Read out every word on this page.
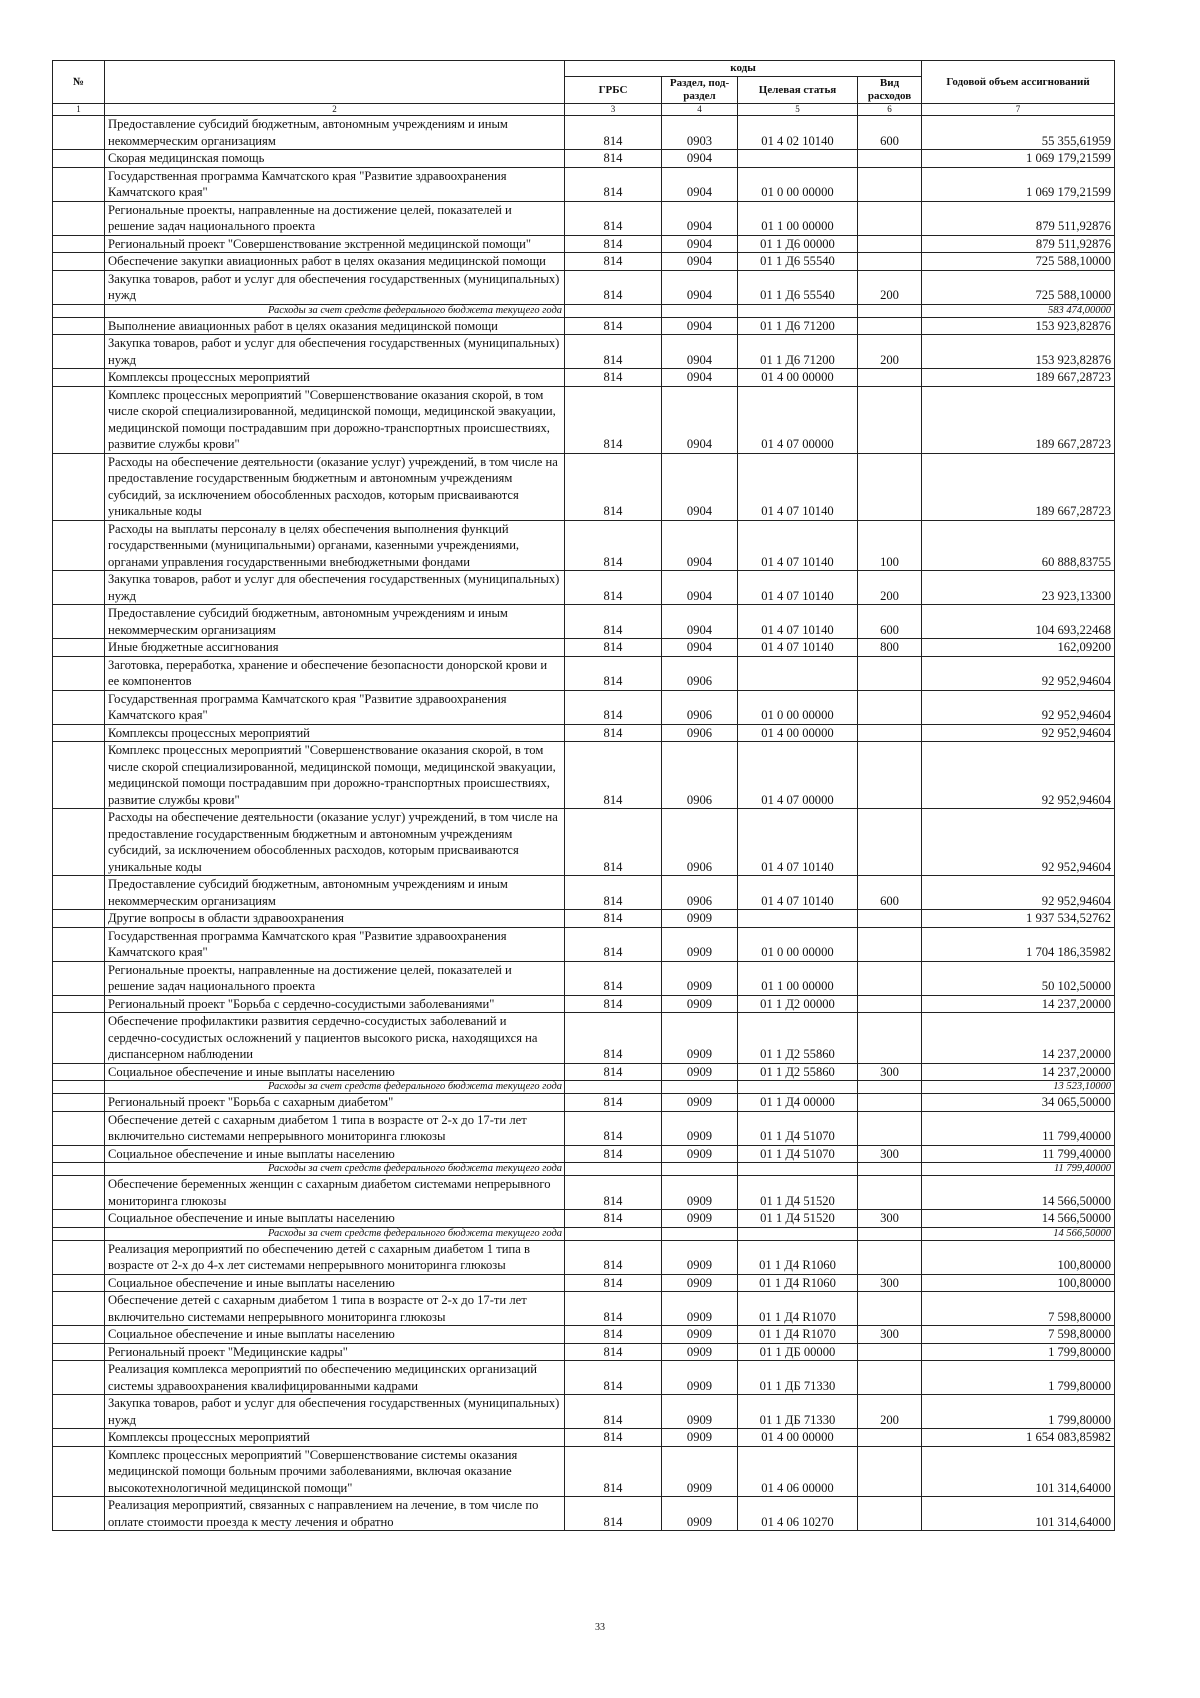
№		коды				Годовой объем ассигнований
		ГРБС	Раздел, под-раздел	Целевая статья	Вид расходов	
1	2	3	4	5	6	7
	Предоставление субсидий бюджетным, автономным учреждениям и иным некоммерческим организациям	814	0903	01 4 02 10140	600	55 355,61959
	Скорая медицинская помощь	814	0904			1 069 179,21599
	Государственная программа Камчатского края "Развитие здравоохранения Камчатского края"	814	0904	01 0 00 00000		1 069 179,21599
	Региональные проекты, направленные на достижение целей, показателей и решение задач национального проекта	814	0904	01 1 00 00000		879 511,92876
	Региональный проект "Совершенствование экстренной медицинской помощи"	814	0904	01 1 Д6 00000		879 511,92876
	Обеспечение закупки авиационных работ в целях оказания медицинской помощи	814	0904	01 1 Д6 55540		725 588,10000
	Закупка товаров, работ и услуг для обеспечения государственных (муниципальных) нужд	814	0904	01 1 Д6 55540	200	725 588,10000
	Расходы за счет средств федерального бюджета текущего года					583 474,00000
	Выполнение авиационных работ в целях оказания медицинской помощи	814	0904	01 1 Д6 71200		153 923,82876
	Закупка товаров, работ и услуг для обеспечения государственных (муниципальных) нужд	814	0904	01 1 Д6 71200	200	153 923,82876
	Комплексы процессных мероприятий	814	0904	01 4 00 00000		189 667,28723
	Комплекс процессных мероприятий "Совершенствование оказания скорой, в том числе скорой специализированной, медицинской помощи, медицинской эвакуации, медицинской помощи пострадавшим при дорожно-транспортных происшествиях, развитие службы крови"	814	0904	01 4 07 00000		189 667,28723
	Расходы на обеспечение деятельности (оказание услуг) учреждений, в том числе на предоставление государственным бюджетным и автономным учреждениям субсидий, за исключением обособленных расходов, которым присваиваются уникальные коды	814	0904	01 4 07 10140		189 667,28723
	Расходы на выплаты персоналу в целях обеспечения выполнения функций государственными (муниципальными) органами, казенными учреждениями, органами управления государственными внебюджетными фондами	814	0904	01 4 07 10140	100	60 888,83755
	Закупка товаров, работ и услуг для обеспечения государственных (муниципальных) нужд	814	0904	01 4 07 10140	200	23 923,13300
	Предоставление субсидий бюджетным, автономным учреждениям и иным некоммерческим организациям	814	0904	01 4 07 10140	600	104 693,22468
	Иные бюджетные ассигнования	814	0904	01 4 07 10140	800	162,09200
	Заготовка, переработка, хранение и обеспечение безопасности донорской крови и ее компонентов	814	0906			92 952,94604
	Государственная программа Камчатского края "Развитие здравоохранения Камчатского края"	814	0906	01 0 00 00000		92 952,94604
	Комплексы процессных мероприятий	814	0906	01 4 00 00000		92 952,94604
	Комплекс процессных мероприятий "Совершенствование оказания скорой, в том числе скорой специализированной, медицинской помощи, медицинской эвакуации, медицинской помощи пострадавшим при дорожно-транспортных происшествиях, развитие службы крови"	814	0906	01 4 07 00000		92 952,94604
	Расходы на обеспечение деятельности (оказание услуг) учреждений, в том числе на предоставление государственным бюджетным и автономным учреждениям субсидий, за исключением обособленных расходов, которым присваиваются уникальные коды	814	0906	01 4 07 10140		92 952,94604
	Предоставление субсидий бюджетным, автономным учреждениям и иным некоммерческим организациям	814	0906	01 4 07 10140	600	92 952,94604
	Другие вопросы в области здравоохранения	814	0909			1 937 534,52762
	Государственная программа Камчатского края "Развитие здравоохранения Камчатского края"	814	0909	01 0 00 00000		1 704 186,35982
	Региональные проекты, направленные на достижение целей, показателей и решение задач национального проекта	814	0909	01 1 00 00000		50 102,50000
	Региональный проект "Борьба с сердечно-сосудистыми заболеваниями"	814	0909	01 1 Д2 00000		14 237,20000
	Обеспечение профилактики развития сердечно-сосудистых заболеваний и сердечно-сосудистых осложнений у пациентов высокого риска, находящихся на диспансерном наблюдении	814	0909	01 1 Д2 55860		14 237,20000
	Социальное обеспечение и иные выплаты населению	814	0909	01 1 Д2 55860	300	14 237,20000
	Расходы за счет средств федерального бюджета текущего года					13 523,10000
	Региональный проект "Борьба с сахарным диабетом"	814	0909	01 1 Д4 00000		34 065,50000
	Обеспечение детей с сахарным диабетом 1 типа в возрасте от 2-х до 17-ти лет включительно системами непрерывного мониторинга глюкозы	814	0909	01 1 Д4 51070		11 799,40000
	Социальное обеспечение и иные выплаты населению	814	0909	01 1 Д4 51070	300	11 799,40000
	Расходы за счет средств федерального бюджета текущего года					11 799,40000
	Обеспечение беременных женщин с сахарным диабетом системами непрерывного мониторинга глюкозы	814	0909	01 1 Д4 51520		14 566,50000
	Социальное обеспечение и иные выплаты населению	814	0909	01 1 Д4 51520	300	14 566,50000
	Расходы за счет средств федерального бюджета текущего года					14 566,50000
	Реализация мероприятий по обеспечению детей с сахарным диабетом 1 типа в возрасте от 2-х до 4-х лет системами непрерывного мониторинга глюкозы	814	0909	01 1 Д4 R1060		100,80000
	Социальное обеспечение и иные выплаты населению	814	0909	01 1 Д4 R1060	300	100,80000
	Обеспечение детей с сахарным диабетом 1 типа в возрасте от 2-х до 17-ти лет включительно системами непрерывного мониторинга глюкозы	814	0909	01 1 Д4 R1070		7 598,80000
	Социальное обеспечение и иные выплаты населению	814	0909	01 1 Д4 R1070	300	7 598,80000
	Региональный проект "Медицинские кадры"	814	0909	01 1 ДБ 00000		1 799,80000
	Реализация комплекса мероприятий по обеспечению медицинских организаций системы здравоохранения квалифицированными кадрами	814	0909	01 1 ДБ 71330		1 799,80000
	Закупка товаров, работ и услуг для обеспечения государственных (муниципальных) нужд	814	0909	01 1 ДБ 71330	200	1 799,80000
	Комплексы процессных мероприятий	814	0909	01 4 00 00000		1 654 083,85982
	Комплекс процессных мероприятий "Совершенствование системы оказания медицинской помощи больным прочими заболеваниями, включая оказание высокотехнологичной медицинской помощи"	814	0909	01 4 06 00000		101 314,64000
	Реализация мероприятий, связанных с направлением на лечение, в том числе по оплате стоимости проезда к месту лечения и обратно	814	0909	01 4 06 10270		101 314,64000
33
